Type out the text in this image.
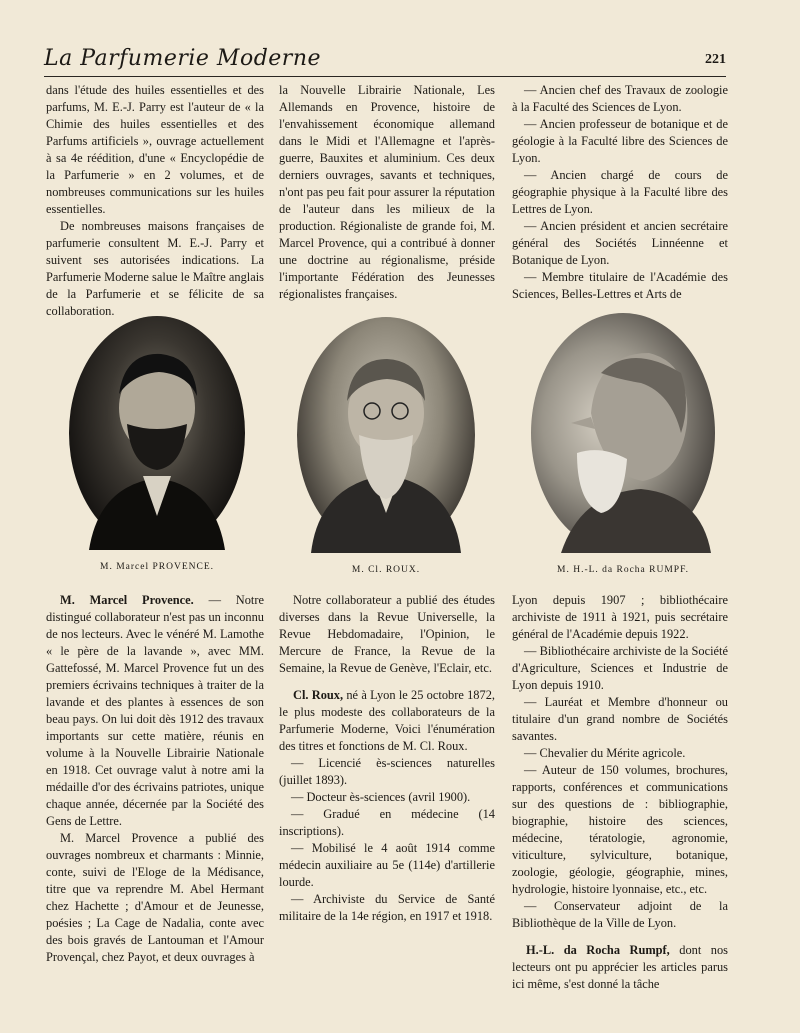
La Parfumerie Moderne	221

dans l'étude des huiles essentielles et des parfums, M. E.-J. Parry est l'auteur de « la Chimie des huiles essentielles et des Parfums artificiels », ouvrage actuellement à sa 4e réédition, d'une « Encyclopédie de la Parfumerie » en 2 volumes, et de nombreuses communications sur les huiles essentielles.

De nombreuses maisons françaises de parfumerie consultent M. E.-J. Parry et suivent ses autorisées indications. La Parfumerie Moderne salue le Maître anglais de la Parfumerie et se félicite de sa collaboration.

la Nouvelle Librairie Nationale, Les Allemands en Provence, histoire de l'envahissement économique allemand dans le Midi et l'Allemagne et l'après-guerre, Bauxites et aluminium. Ces deux derniers ouvrages, savants et techniques, n'ont pas peu fait pour assurer la réputation de l'auteur dans les milieux de la production. Régionaliste de grande foi, M. Marcel Provence, qui a contribué à donner une doctrine au régionalisme, préside l'importante Fédération des Jeunesses régionalistes françaises.

— Ancien chef des Travaux de zoologie à la Faculté des Sciences de Lyon.

— Ancien professeur de botanique et de géologie à la Faculté libre des Sciences de Lyon.

— Ancien chargé de cours de géographie physique à la Faculté libre des Lettres de Lyon.

— Ancien président et ancien secrétaire général des Sociétés Linnéenne et Botanique de Lyon.

— Membre titulaire de l'Académie des Sciences, Belles-Lettres et Arts de

M. Marcel PROVENCE.	M. Cl. ROUX.	M. H.-L. da Rocha RUMPF.

M. Marcel Provence. — Notre distingué collaborateur n'est pas un inconnu de nos lecteurs. Avec le vénéré M. Lamothe « le père de la lavande », avec MM. Gattefossé, M. Marcel Provence fut un des premiers écrivains techniques à traiter de la lavande et des plantes à essences de son beau pays. On lui doit dès 1912 des travaux importants sur cette matière, réunis en volume à la Nouvelle Librairie Nationale en 1918. Cet ouvrage valut à notre ami la médaille d'or des écrivains patriotes, unique chaque année, décernée par la Société des Gens de Lettre.

M. Marcel Provence a publié des ouvrages nombreux et charmants : Minnie, conte, suivi de l'Eloge de la Médisance, titre que va reprendre M. Abel Hermant chez Hachette ; d'Amour et de Jeunesse, poésies ; La Cage de Nadalia, conte avec des bois gravés de Lantouman et l'Amour Provençal, chez Payot, et deux ouvrages à

Notre collaborateur a publié des études diverses dans la Revue Universelle, la Revue Hebdomadaire, l'Opinion, le Mercure de France, la Revue de la Semaine, la Revue de Genève, l'Eclair, etc.

Cl. Roux, né à Lyon le 25 octobre 1872, le plus modeste des collaborateurs de la Parfumerie Moderne, Voici l'énumération des titres et fonctions de M. Cl. Roux.

— Licencié ès-sciences naturelles (juillet 1893).

— Docteur ès-sciences (avril 1900).

— Gradué en médecine (14 inscriptions).

— Mobilisé le 4 août 1914 comme médecin auxiliaire au 5e (114e) d'artillerie lourde.

— Archiviste du Service de Santé militaire de la 14e région, en 1917 et 1918.

Lyon depuis 1907 ; bibliothécaire archiviste de 1911 à 1921, puis secrétaire général de l'Académie depuis 1922.

— Bibliothécaire archiviste de la Société d'Agriculture, Sciences et Industrie de Lyon depuis 1910.

— Lauréat et Membre d'honneur ou titulaire d'un grand nombre de Sociétés savantes.

— Chevalier du Mérite agricole.

— Auteur de 150 volumes, brochures, rapports, conférences et communications sur des questions de : bibliographie, biographie, histoire des sciences, médecine, tératologie, agronomie, viticulture, sylviculture, botanique, zoologie, géologie, géographie, mines, hydrologie, histoire lyonnaise, etc., etc.

— Conservateur adjoint de la Bibliothèque de la Ville de Lyon.

H.-L. da Rocha Rumpf, dont nos lecteurs ont pu apprécier les articles parus ici même, s'est donné la tâche
